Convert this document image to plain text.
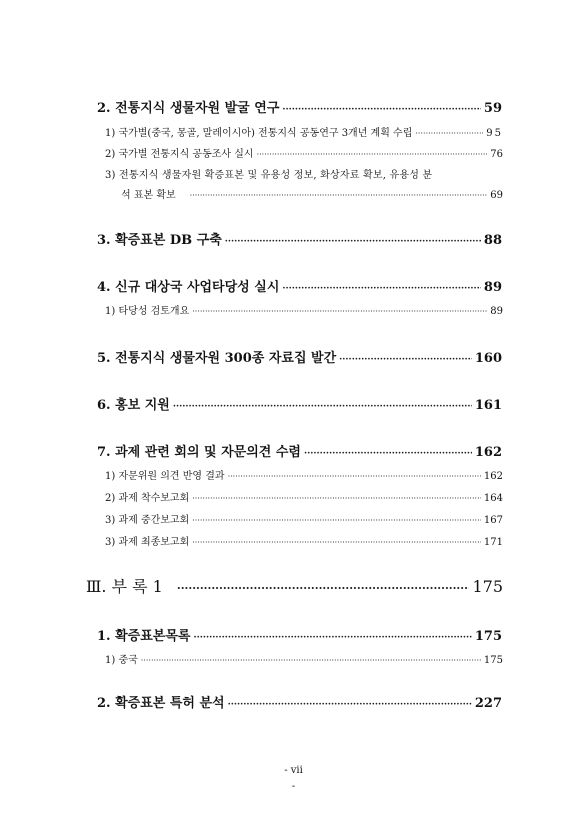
2. 전통지식 생물자원 발굴 연구 ·····	59
1) 국가별(중국, 몽골, 말레이시아) 전통지식 공동연구 3개년 계획 수립 ·····	95
2) 국가별 전통지식 공동조사 실시 ·····	76
3) 전통지식 생물자원 확증표본 및 유용성 정보, 화상자료 확보, 유용성 분
석 표본 확보 ·····	69
3. 확증표본 DB 구축 ·····	88
4. 신규 대상국 사업타당성 실시 ·····	89
1) 타당성 검토개요 ·····	89
5. 전통지식 생물자원 300종 자료집 발간 ·····	160
6. 홍보 지원 ·····	161
7. 과제 관련 회의 및 자문의견 수렴 ·····	162
1) 자문위원 의견 반영 결과 ·····	162
2) 과제 착수보고회 ·····	164
3) 과제 중간보고회 ·····	167
3) 과제 최종보고회 ·····	171
Ⅲ. 부 록 1 ·····	175
1. 확증표본목록 ·····	175
1) 중국 ·····	175
2. 확증표본 특허 분석 ·····	227
- vii
-
